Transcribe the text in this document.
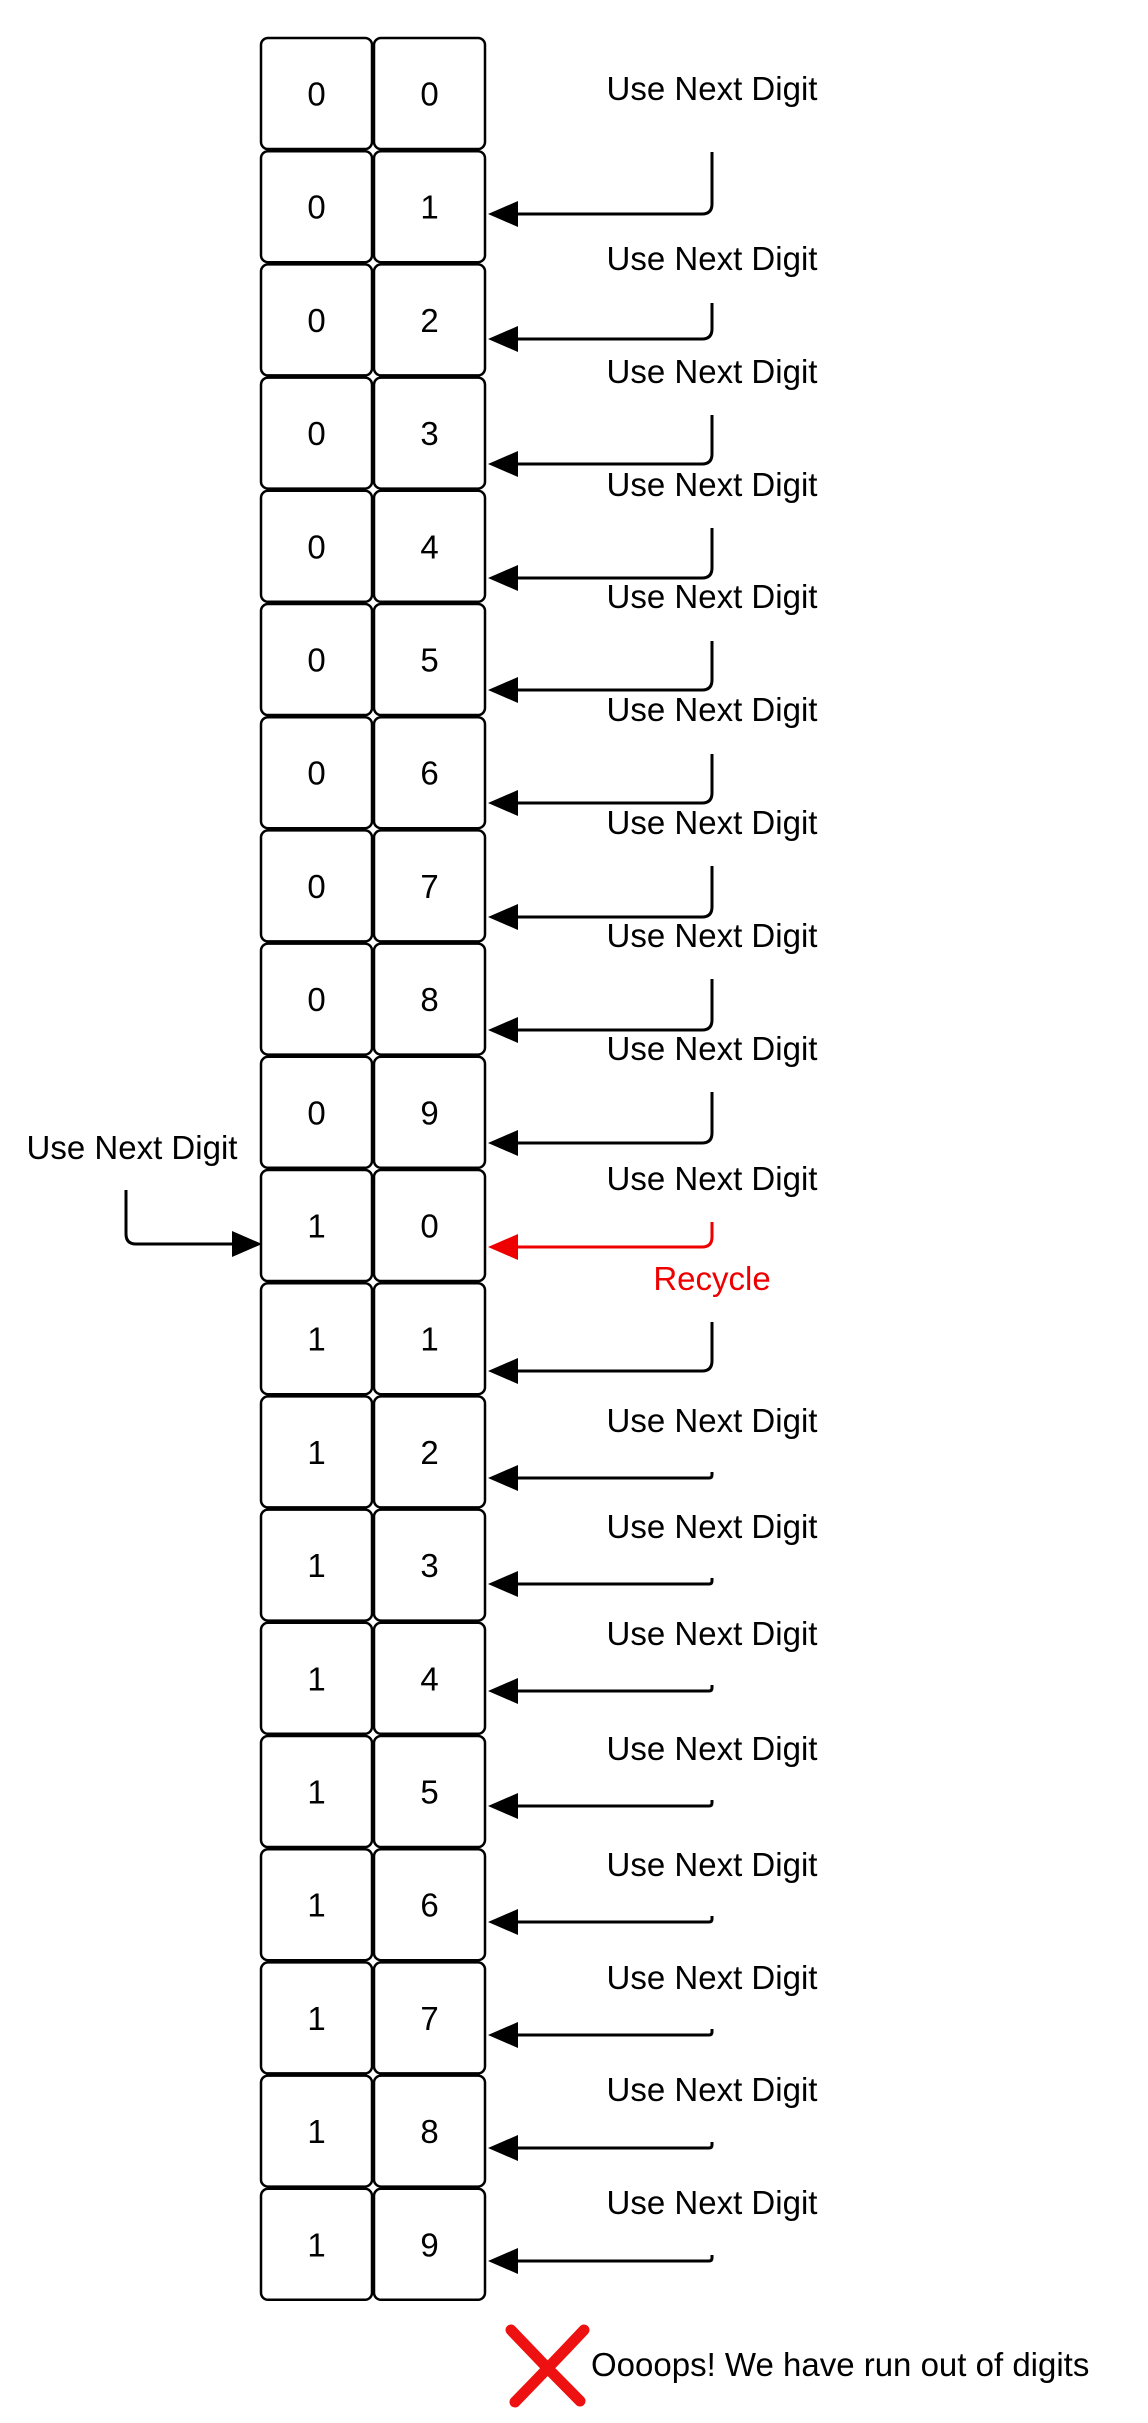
0	0
0	1
0	2
0	3
0	4
0	5
0	6
0	7
0	8
0	9
1	0
1	1
1	2
1	3
1	4
1	5
1	6
1	7
1	8
1	9
Use Next Digit
Use Next Digit
Use Next Digit
Use Next Digit
Use Next Digit
Use Next Digit
Use Next Digit
Use Next Digit
Use Next Digit
Use Next Digit
Recycle
Use Next Digit
Use Next Digit
Use Next Digit
Use Next Digit
Use Next Digit
Use Next Digit
Use Next Digit
Use Next Digit
Use Next Digit
Oooops! We have run out of digits
